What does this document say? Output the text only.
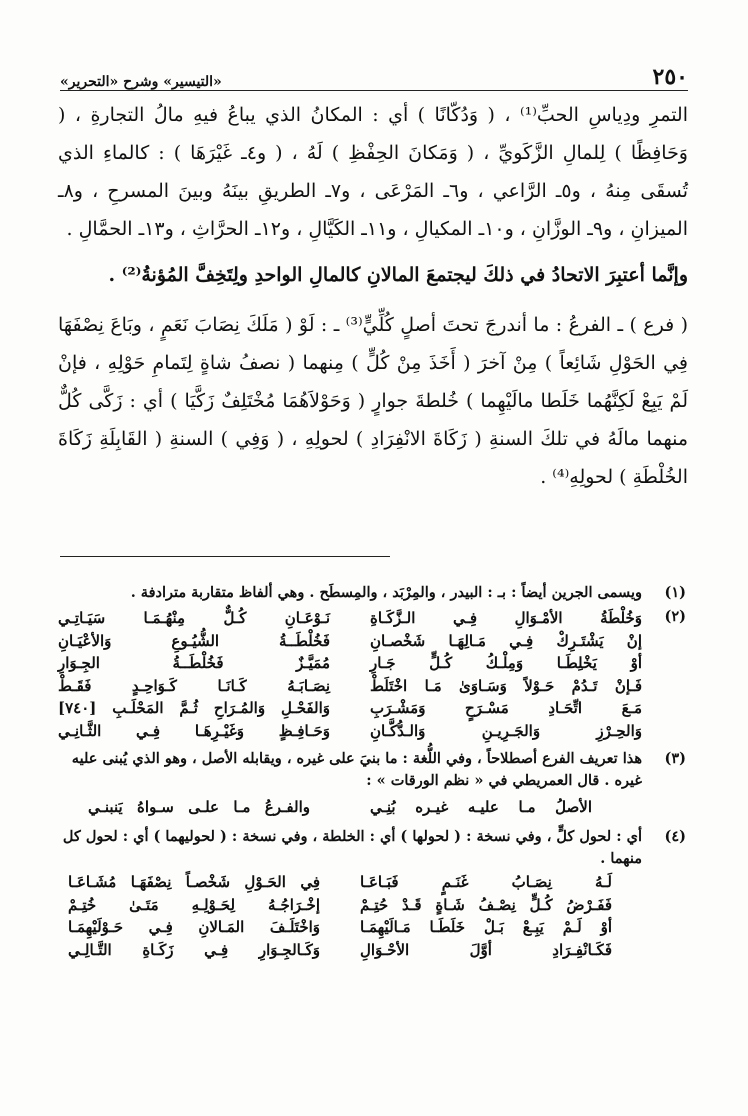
٢٥٠
«التيسير» وشرح «التحرير»

التمرِ ودِياسِ الحبِّ⁽¹⁾ ، ( وَدُكّانًا ) أي : المكانُ الذي يباعُ فيهِ مالُ التجارةِ ، ( وَحَافِظًا ) لِلمالِ الزَّكَويِّ ، ( وَمَكانَ الحِفْظِ ) لَهُ ، ( و٤ـ غَيْرَهَا ) : كالماءِ الذي تُسقَى مِنهُ ، و٥ـ الرَّاعي ، و٦ـ المَرْعَى ، و٧ـ الطريقِ بينَهُ وبينَ المسرحِ ، و٨ـ الميزانِ ، و٩ـ الوزَّانِ ، و١٠ـ المكيالِ ، و١١ـ الكَيَّالِ ، و١٢ـ الحرَّاثِ ، و١٣ـ الحمَّالِ .

وإنَّما أعتبِرَ الاتحادُ في ذلكَ ليجتمعَ المالانِ كالمالِ الواحدِ ولِتَخِفَّ المُؤنةُ⁽²⁾ .

( فرع ) ـ الفرعُ : ما أندرجَ تحتَ أصلٍ كُلِّيٍّ⁽³⁾ ـ : لَوْ ( مَلَكَ نِصَابَ نَعَمٍ ، وبَاعَ نِصْفَهَا فِي الحَوْلِ شَائِعاً ) مِنْ آخرَ ( أَخَذَ مِنْ كُلٍّ ) مِنهما ( نصفُ شاةٍ لِتَمامِ حَوْلِهِ ، فإنْ لَمْ يَبِعْ لَكِنَّهُما خَلَطا مالَيْهِما ) خُلطةَ جوارٍ ( وَحَوْلاَهُمَا مُخْتَلِفٌ زَكَّيَا ) أي : زَكَّى كُلٌّ منهما مالَهُ في تلكَ السنةِ ( زَكَاةَ الانْفِرَادِ ) لحولِهِ ، ( وَفِي ) السنةِ ( القَابِلَةِ زَكَاةَ الخُلْطَةِ ) لحولِهِ⁽⁴⁾ .

(١)
ويسمى الجرين أيضاً : بـ : البيدر ، والمِرْبَد ، والمِسطَح . وهي ألفاظ متقاربة مترادفة .
(٢)
وَخُلْطَةُ الأمْـوَالِ فِـي الـزَّكَـاةِ
نَـوْعَـانِ كُـلٌّ مِنْهُـمَـا سَيَـاتِـي
إنْ يَشْتَـرِكْ فِـي مَـالِهَـا شَخْصـانِ
فَخُلْطَــةُ الشُّيُـوعِ وَالأعْيَـانِ
أوْ يَخْلِطَـا وَمِلْـكُ كُـلٍّ جَـارِ
مُمَيَّـزٌ فَخُلْطَــةُ الجِـوَارِ
فَـإنْ تَـدُمْ حَـوْلاً وَسَـاوَىٰ مَـا اخْتَلَطْ
نِصَـابَـهُ كَـانَـا كَـوَاحِـدٍ فَقَـطْ
مَـعَ اتِّحَـادِ مَسْـرَحٍ وَمَشْـرَبِ
وَالفَحْـلِ وَالمُـرَاحِ ثُـمَّ المَحْلَـبِ [٧٤٠]
وَالحِـرْزِ وَالجَـرِيـنِ وَالـدُّكَّـانِ
وَحَـافِـظٍ وَغَيْـرِهَـا فِـي الثَّـانِـي
(٣)
هذا تعريف الفرع أصطلاحاً ، وفي اللُّغة : ما بنيَ على غيره ، ويقابله الأصل ، وهو الذي يُبنى عليه غيره . قال العمريطي في « نظم الورقات » :
الأصلُ مـا عليـه غيـره بُنِـي
والفـرعُ مـا علـى سـواهُ يَنبنـي
(٤)
أي : لحول كلٍّ ، وفي نسخة : ( لحولها ) أي : الخلطة ، وفي نسخة : ( لحوليهما ) أي : لحول كل منهما .
لَـهُ نِصَـابُ غَنَـمٍ فَبَـاعَـا
فِي الحَـوْلِ شَخْصـاً نِصْفَهَـا مُشَـاعَـا
فَفَـرْضُ كُـلٍّ نِصْـفُ شَـاةٍ قَـدْ حُتِـمْ
إخْـرَاجُـهُ لِحَـوْلِـهِ مَتَـىٰ خُتِـمْ
أوْ لَـمْ يَبِـعْ بَـلْ خَلَطَـا مَـالَيْهِمَـا
وَاخْتَلَـفَ المَـالانِ فِـي حَـوْلَيْهِمَـا
فَكَـانْفِـرَادِ أوَّلَ الأحْـوَالِ
وَكَـالجِـوَارِ فِـي زَكَـاةِ التَّـالِـي
